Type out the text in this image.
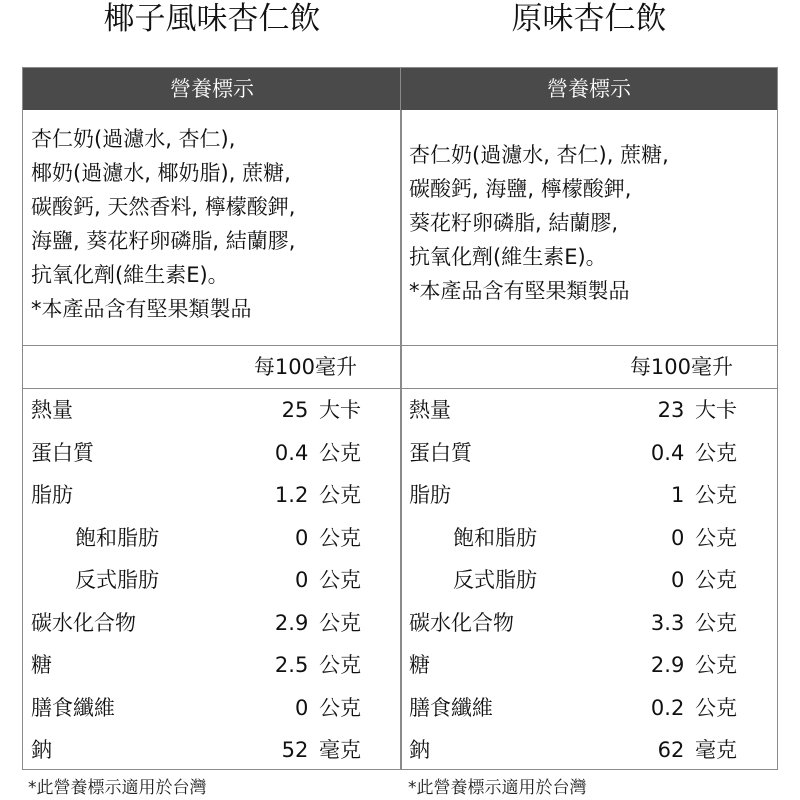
椰子風味杏仁飲	原味杏仁飲
營養標示
杏仁奶(過濾水, 杏仁),
椰奶(過濾水, 椰奶脂), 蔗糖,
碳酸鈣, 天然香料, 檸檬酸鉀,
海鹽, 葵花籽卵磷脂, 結蘭膠,
抗氧化劑(維生素E)。
*本產品含有堅果類製品
每100毫升
熱量	25 大卡
蛋白質	0.4 公克
脂肪	1.2 公克
飽和脂肪	0 公克
反式脂肪	0 公克
碳水化合物	2.9 公克
糖	2.5 公克
膳食纖維	0 公克
鈉	52 毫克
營養標示
杏仁奶(過濾水, 杏仁), 蔗糖,
碳酸鈣, 海鹽, 檸檬酸鉀,
葵花籽卵磷脂, 結蘭膠,
抗氧化劑(維生素E)。
*本產品含有堅果類製品
每100毫升
熱量	23 大卡
蛋白質	0.4 公克
脂肪	1 公克
飽和脂肪	0 公克
反式脂肪	0 公克
碳水化合物	3.3 公克
糖	2.9 公克
膳食纖維	0.2 公克
鈉	62 毫克
*此營養標示適用於台灣	*此營養標示適用於台灣
